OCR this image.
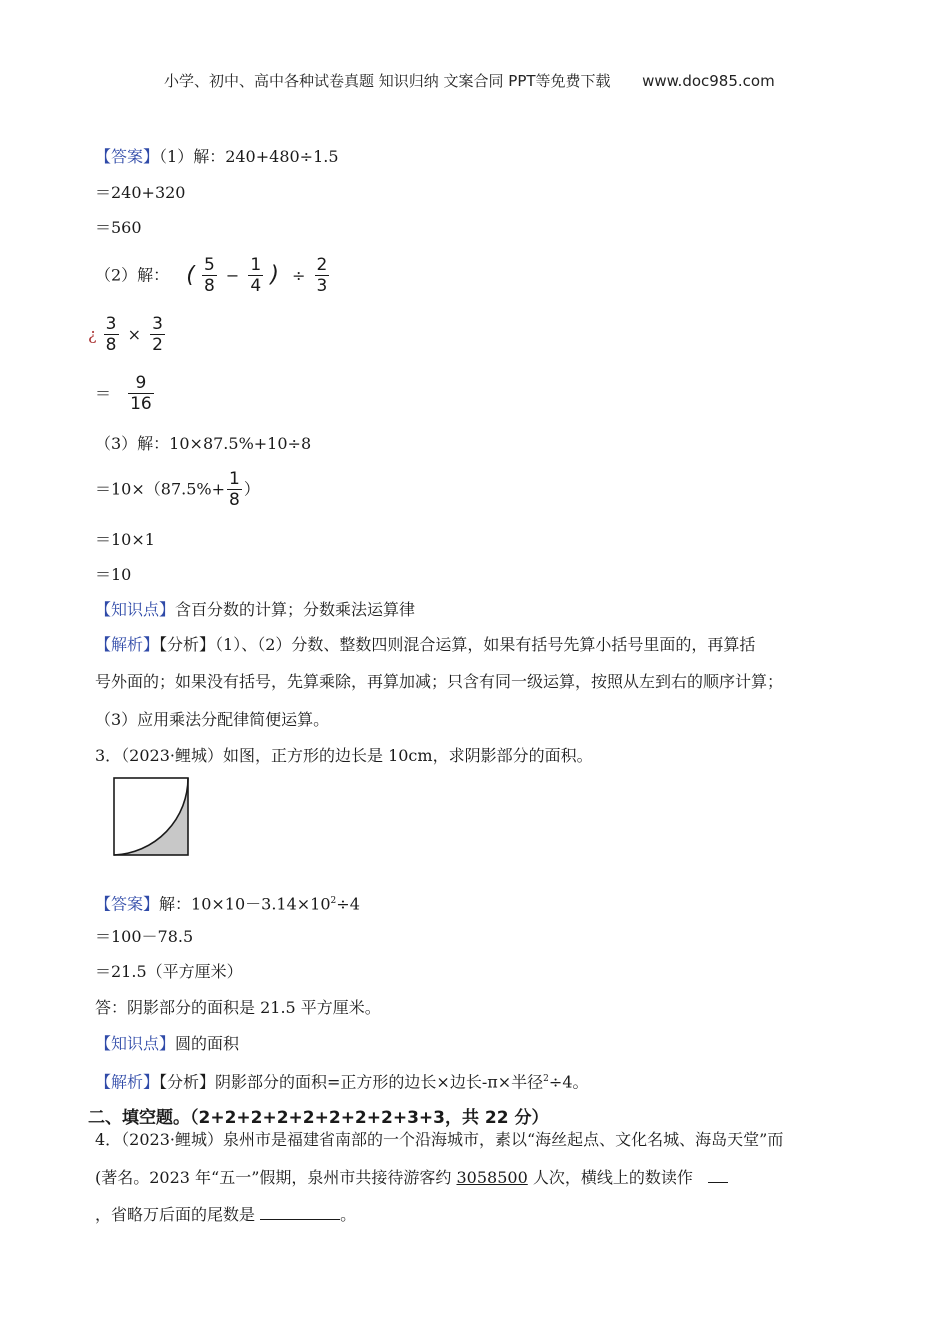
小学、初中、高中各种试卷真题 知识归纳 文案合同 PPT等免费下载 www.doc985.com
【答案】（1）解：240+480÷1.5
＝240+320
＝560
（2）解： ( $\frac{5}{8} - \frac{1}{4}$ ) ÷ $\frac{2}{3}$
¿ $\frac{3}{8} \times \frac{3}{2}$
＝ $\frac{9}{16}$
（3）解：10×87.5%+10÷8
$=10\times(87.5\%+ \frac{1}{8}$ ）
＝10×1
＝10
【知识点】含百分数的计算；分数乘法运算律
【解析】【分析】（1）、（2）分数、整数四则混合运算，如果有括号先算小括号里面的，再算括
号外面的；如果没有括号，先算乘除，再算加减；只含有同一级运算，按照从左到右的顺序计算；
（3）应用乘法分配律简便运算。
3．（2023·鲤城）如图，正方形的边长是 10cm，求阴影部分的面积。
【答案】解：$10\times 10-3.14\times 10^2\div 4$
＝100－78.5
＝21.5（平方厘米）
答：阴影部分的面积是 21.5 平方厘米。
【知识点】圆的面积
【解析】【分析】阴影部分的面积=正方形的边长×边长-π×半径$^2$÷4。
二、填空题。（2+2+2+2+2+2+2+2+3+3，共 22 分）
4．（2023·鲤城）泉州市是福建省南部的一个沿海城市，素以“海丝起点、文化名城、海岛天堂”而
(著名。2023 年“五一”假期，泉州市共接待游客约 3058500 人次，横线上的数读作
，省略万后面的尾数是	。
